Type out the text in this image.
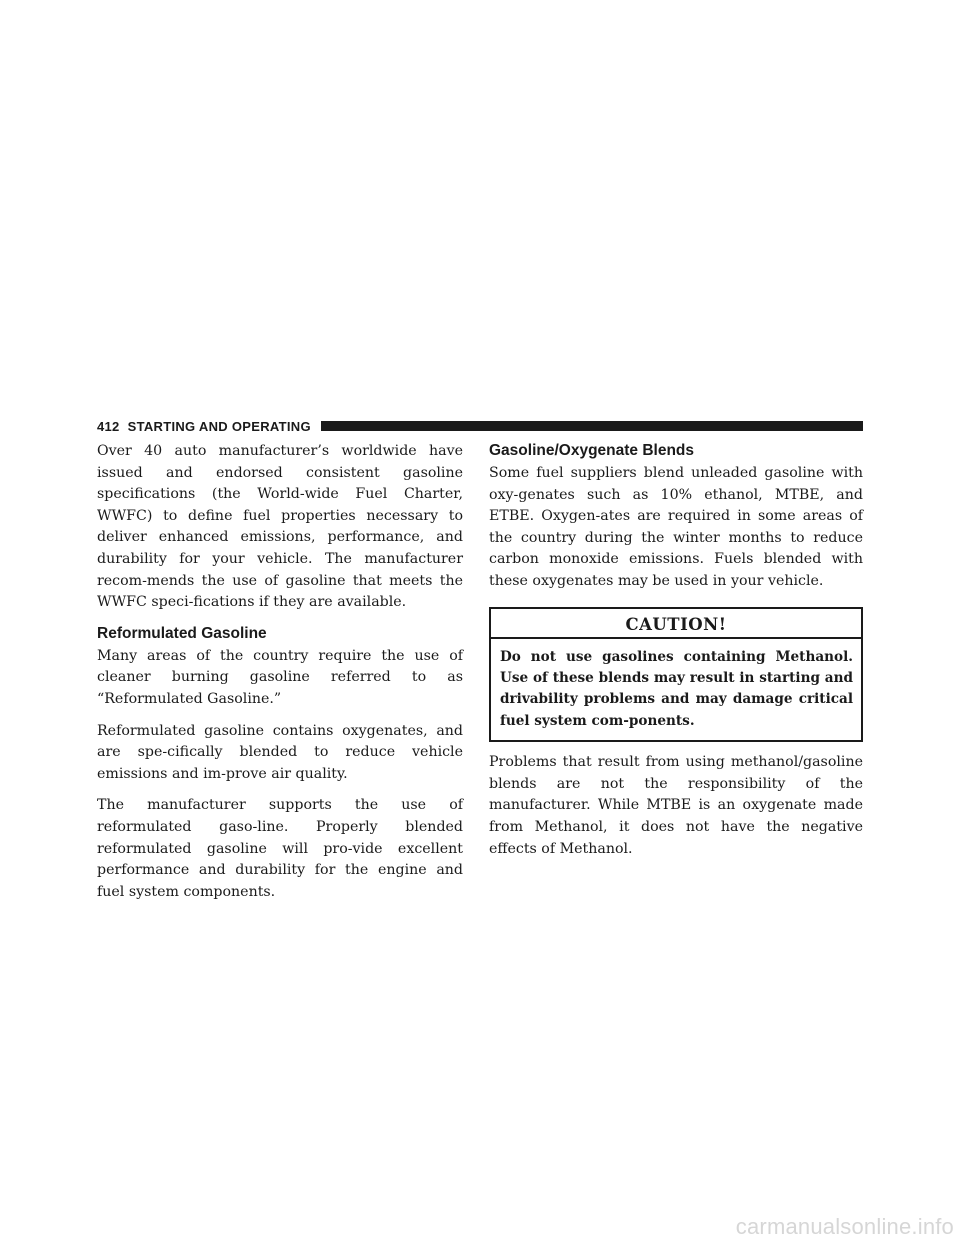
412 STARTING AND OPERATING

Over 40 auto manufacturer’s worldwide have issued and endorsed consistent gasoline specifications (the World-wide Fuel Charter, WWFC) to define fuel properties necessary to deliver enhanced emissions, performance, and durability for your vehicle. The manufacturer recom-mends the use of gasoline that meets the WWFC speci-fications if they are available.

Reformulated Gasoline

Many areas of the country require the use of cleaner burning gasoline referred to as “Reformulated Gasoline.”

Reformulated gasoline contains oxygenates, and are spe-cifically blended to reduce vehicle emissions and im-prove air quality.

The manufacturer supports the use of reformulated gaso-line. Properly blended reformulated gasoline will pro-vide excellent performance and durability for the engine and fuel system components.

Gasoline/Oxygenate Blends

Some fuel suppliers blend unleaded gasoline with oxy-genates such as 10% ethanol, MTBE, and ETBE. Oxygen-ates are required in some areas of the country during the winter months to reduce carbon monoxide emissions. Fuels blended with these oxygenates may be used in your vehicle.

CAUTION!
Do not use gasolines containing Methanol. Use of these blends may result in starting and drivability problems and may damage critical fuel system com-ponents.

Problems that result from using methanol/gasoline blends are not the responsibility of the manufacturer. While MTBE is an oxygenate made from Methanol, it does not have the negative effects of Methanol.

carmanualsonline.info
